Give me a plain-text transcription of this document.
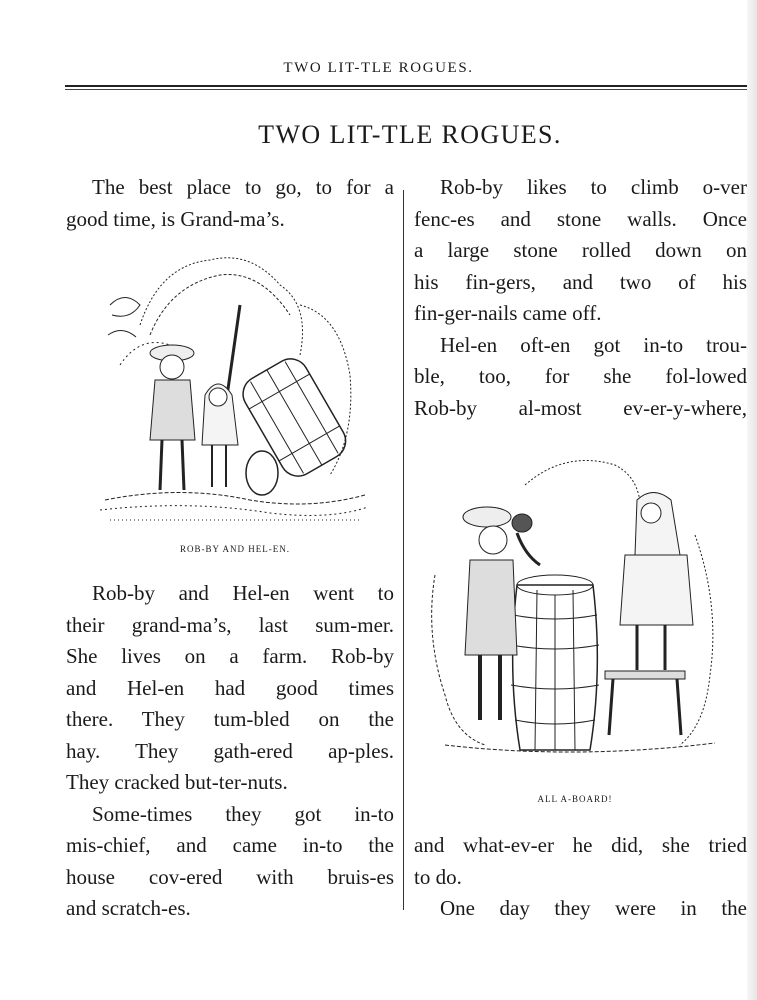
TWO LIT-TLE ROGUES.
TWO LIT-TLE ROGUES.

The best place to go, to for a
good time, is Grand-ma’s.

ROB-BY AND HEL-EN.

Rob-by and Hel-en went to
their grand-ma’s, last sum-mer.
She lives on a farm. Rob-by
and Hel-en had good times
there. They tum-bled on the
hay. They gath-ered ap-ples.
They cracked but-ter-nuts.

Some-times they got in-to
mis-chief, and came in-to the
house cov-ered with bruis-es
and scratch-es.

Rob-by likes to climb o-ver
fenc-es and stone walls. Once
a large stone rolled down on
his fin-gers, and two of his
fin-ger-nails came off.

Hel-en oft-en got in-to trou-
ble, too, for she fol-lowed
Rob-by al-most ev-er-y-where,

ALL A-BOARD!

and what-ev-er he did, she tried
to do.

One day they were in the
